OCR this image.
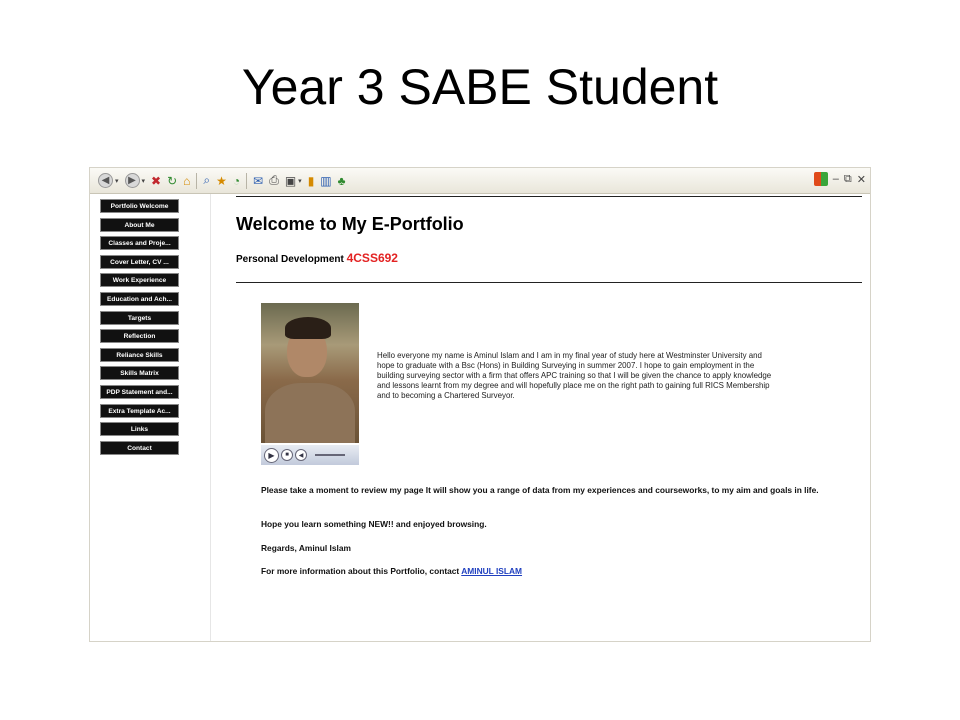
Year 3 SABE Student
◀ ▾ ▶ ▾ ✖ ↻ ⌂ ⌕ ★ ◔ ✉ ⎙ ▣ ▾ ▮ ▥ ♣	– ⧉ ✕
Portfolio Welcome
About Me
Classes and Proje...
Cover Letter, CV ...
Work Experience
Education and Ach...
Targets
Reflection
Reliance Skills
Skills Matrix
PDP Statement and...
Extra Template Ac...
Links
Contact
Welcome to My E-Portfolio
Personal Development 4CSS692
▶	■	◀
Hello everyone my name is Aminul Islam and I am in my final year of study here at Westminster University and hope to graduate with a Bsc (Hons) in Building Surveying in summer 2007. I hope to gain employment in the building surveying sector with a firm that offers APC training so that I will be given the chance to apply knowledge and lessons learnt from my degree and will hopefully place me on the right path to gaining full RICS Membership and to becoming a Chartered Surveyor.
Please take a moment to review my page It will show you a range of data from my experiences and courseworks, to my aim and goals in life.
Hope you learn something NEW!! and enjoyed browsing.
Regards, Aminul Islam
For more information about this Portfolio, contact AMINUL ISLAM
